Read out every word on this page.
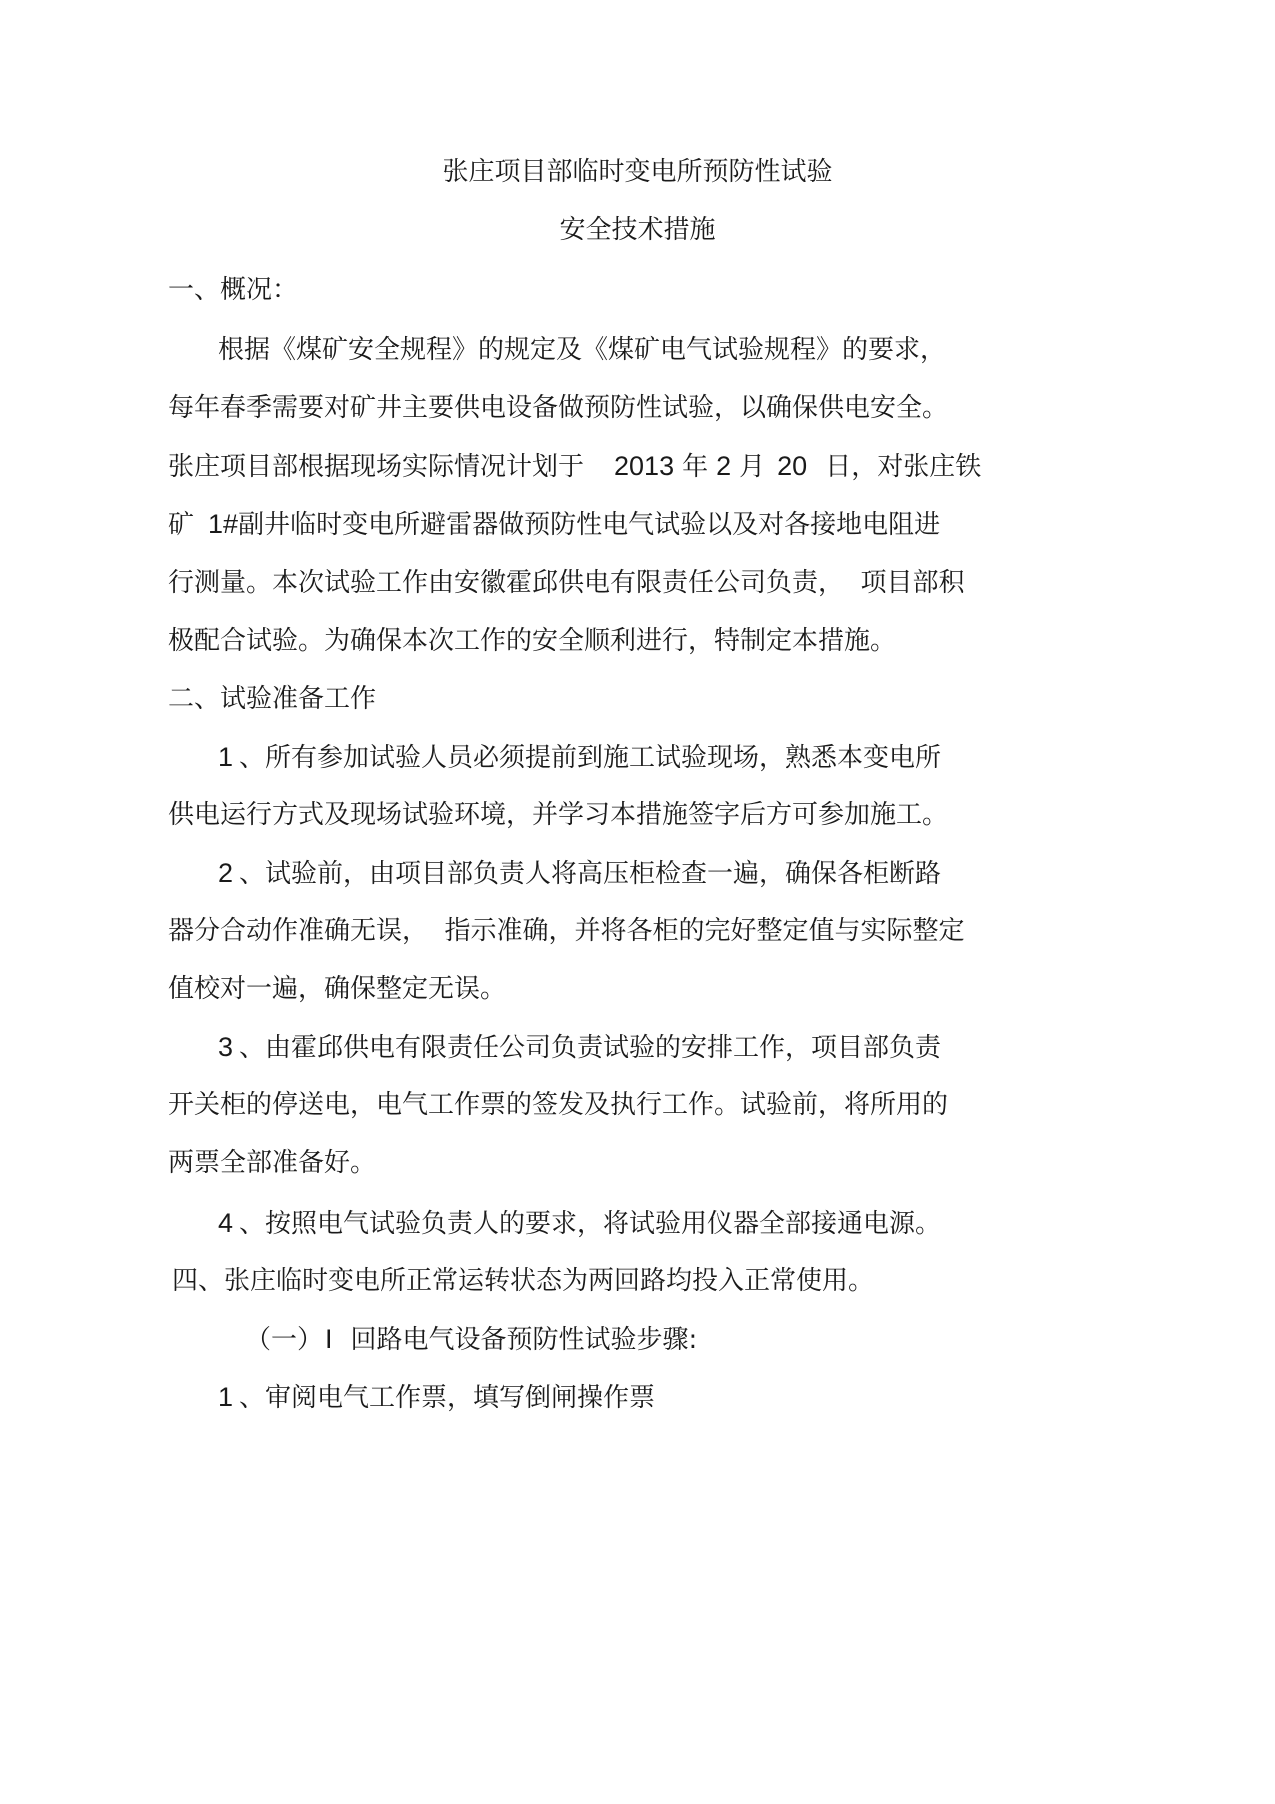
张庄项目部临时变电所预防性试验
安全技术措施
一、概况：
根据《煤矿安全规程》的规定及《煤矿电气试验规程》的要求，
每年春季需要对矿井主要供电设备做预防性试验，以确保供电安全。
张庄项目部根据现场实际情况计划于 2013 年 2 月 20 日，对张庄铁
矿 1#副井临时变电所避雷器做预防性电气试验以及对各接地电阻进
行测量。本次试验工作由安徽霍邱供电有限责任公司负责，  项目部积
极配合试验。为确保本次工作的安全顺利进行，特制定本措施。
二、试验准备工作
1 、所有参加试验人员必须提前到施工试验现场，熟悉本变电所
供电运行方式及现场试验环境，并学习本措施签字后方可参加施工。
2 、试验前，由项目部负责人将高压柜检查一遍，确保各柜断路
器分合动作准确无误，  指示准确，并将各柜的完好整定值与实际整定
值校对一遍，确保整定无误。
3 、由霍邱供电有限责任公司负责试验的安排工作，项目部负责
开关柜的停送电，电气工作票的签发及执行工作。试验前，将所用的
两票全部准备好。
4 、按照电气试验负责人的要求，将试验用仪器全部接通电源。
四、张庄临时变电所正常运转状态为两回路均投入正常使用。
（一）I 回路电气设备预防性试验步骤:
1 、审阅电气工作票，填写倒闸操作票
